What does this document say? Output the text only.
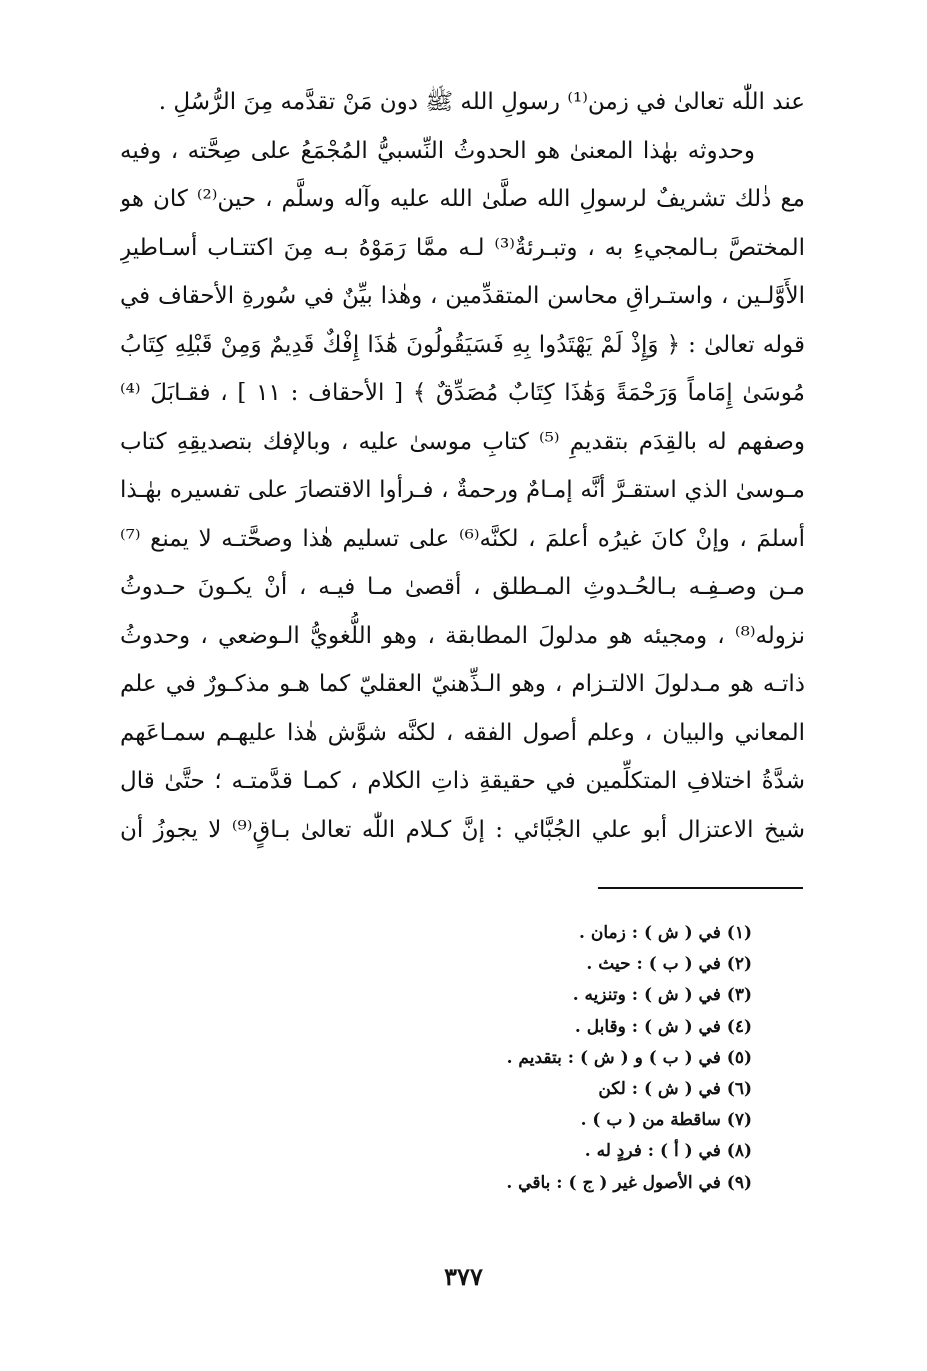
عند اللّٰه تعالىٰ في زمن⁽¹⁾ رسولِ الله ﷺ دون مَنْ تقدَّمه مِنَ الرُّسُلِ .
وحدوثه بهٰذا المعنىٰ هو الحدوثُ النِّسبيُّ المُجْمَعُ على صِحَّته ، وفيه
مع ذٰلك تشريفٌ لرسولِ الله صلَّىٰ الله عليه وآله وسلَّم ، حين⁽²⁾ كان هو
المختصَّ بـالمجيءِ به ، وتبـرئةٌ⁽³⁾ لـه ممَّا رَمَوْهُ بـه مِنَ اكتتـاب أسـاطيرِ
الأَوَّلـين ، واستـراقِ محاسن المتقدِّمين ، وهٰذا بيِّنٌ في سُورةِ الأحقاف في
قوله تعالىٰ : ﴿ وَإِذْ لَمْ يَهْتَدُوا بِهِ فَسَيَقُولُونَ هَٰذَا إِفْكٌ قَدِيمٌ وَمِنْ قَبْلِهِ كِتَابُ
مُوسَىٰ إِمَاماً وَرَحْمَةً وَهَٰذَا كِتَابٌ مُصَدِّقٌ ﴾ [ الأحقاف : ١١ ] ، فقـابَلَ ⁽⁴⁾
وصفهم له بالقِدَم بتقديمِ ⁽⁵⁾ كتابِ موسىٰ عليه ، وبالإفك بتصديقِهِ كتاب
مـوسىٰ الذي استقـرَّ أنَّه إمـامٌ ورحمةٌ ، فـرأوا الاقتصارَ على تفسيره بهٰـذا
أسلمَ ، وإنْ كانَ غيرُه أعلمَ ، لكنَّه⁽⁶⁾ على تسليم هٰذا وصحَّتـه لا يمنع ⁽⁷⁾
مـن وصـفِـه بـالحُـدوثِ المـطلق ، أقصىٰ مـا فيـه ، أنْ يكـونَ حـدوثُ
نزوله⁽⁸⁾ ، ومجيئه هو مدلولَ المطابقة ، وهو اللُّغويُّ الـوضعي ، وحدوثُ
ذاتـه هو مـدلولَ الالتـزام ، وهو الـذِّهنيّ العقليّ كما هـو مذكـورٌ في علم
المعاني والبيان ، وعلم أصول الفقه ، لكنَّه شوَّش هٰذا عليهـم سمـاعَهم
شدَّةُ اختلافِ المتكلِّمين في حقيقةِ ذاتِ الكلام ، كمـا قدَّمتـه ؛ حتَّىٰ قال
شيخ الاعتزال أبو علي الجُبَّائي : إنَّ كـلام اللّٰه تعالىٰ بـاقٍ⁽⁹⁾ لا يجوزُ أن
(١) في ( ش ) : زمان .
(٢) في ( ب ) : حيث .
(٣) في ( ش ) : وتنزيه .
(٤) في ( ش ) : وقابل .
(٥) في ( ب ) و ( ش ) : بتقديم .
(٦) في ( ش ) : لكن
(٧) ساقطة من ( ب ) .
(٨) في ( أ ) : فردٍ له .
(٩) في الأصول غير ( ج ) : باقي .
٣٧٧
